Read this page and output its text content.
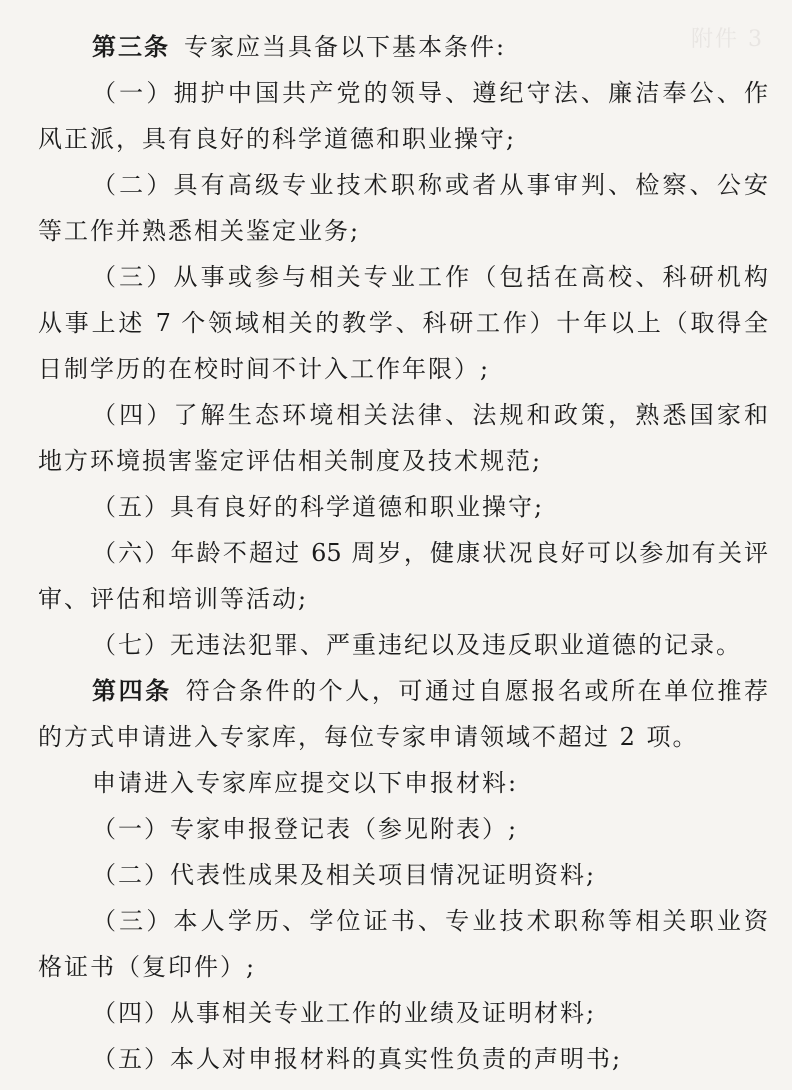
附件 3
第三条 专家应当具备以下基本条件:
（一）拥护中国共产党的领导、遵纪守法、廉洁奉公、作
风正派，具有良好的科学道德和职业操守;
（二）具有高级专业技术职称或者从事审判、检察、公安
等工作并熟悉相关鉴定业务;
（三）从事或参与相关专业工作（包括在高校、科研机构
从事上述 7 个领域相关的教学、科研工作）十年以上（取得全
日制学历的在校时间不计入工作年限）;
（四）了解生态环境相关法律、法规和政策，熟悉国家和
地方环境损害鉴定评估相关制度及技术规范;
（五）具有良好的科学道德和职业操守;
（六）年龄不超过 65 周岁，健康状况良好可以参加有关评
审、评估和培训等活动;
（七）无违法犯罪、严重违纪以及违反职业道德的记录。
第四条 符合条件的个人，可通过自愿报名或所在单位推荐
的方式申请进入专家库，每位专家申请领域不超过 2 项。
申请进入专家库应提交以下申报材料:
（一）专家申报登记表（参见附表）;
（二）代表性成果及相关项目情况证明资料;
（三）本人学历、学位证书、专业技术职称等相关职业资
格证书（复印件）;
（四）从事相关专业工作的业绩及证明材料;
（五）本人对申报材料的真实性负责的声明书;
